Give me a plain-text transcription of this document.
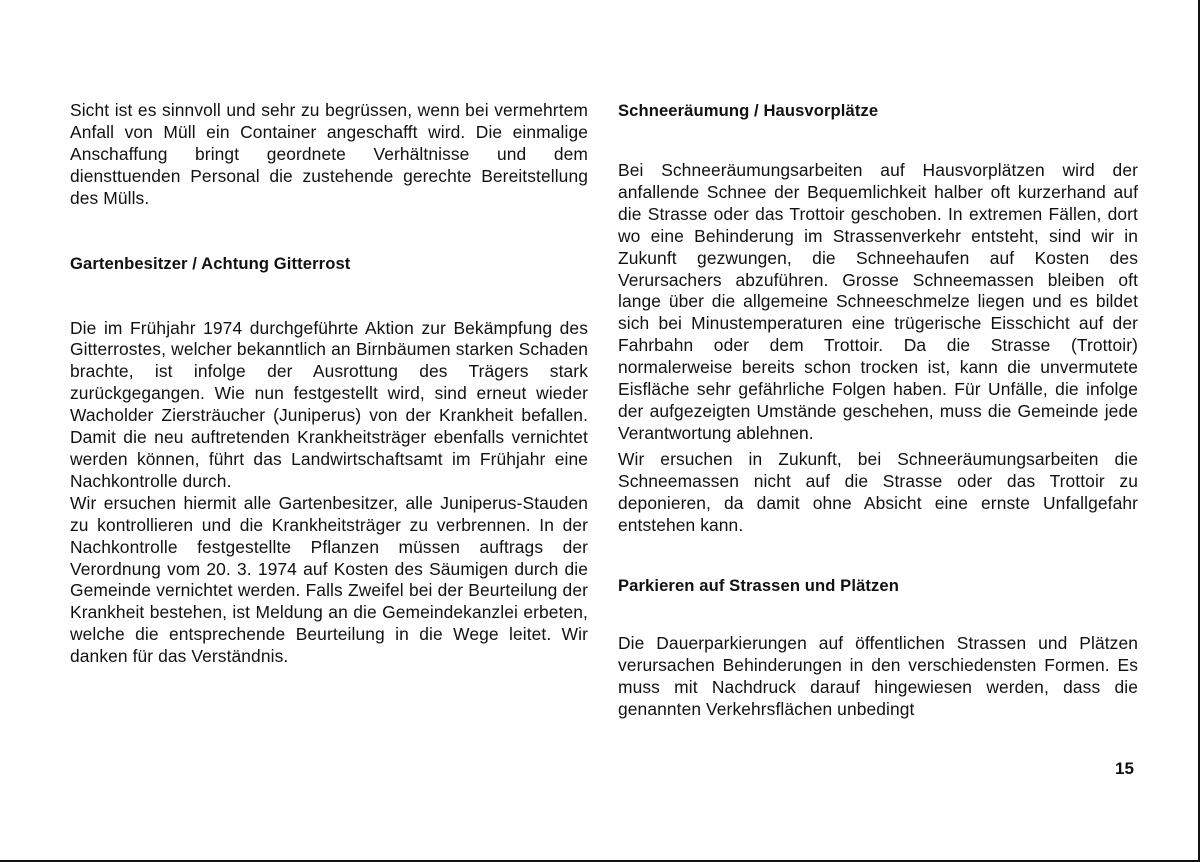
Sicht ist es sinnvoll und sehr zu begrüssen, wenn bei vermehrtem Anfall von Müll ein Container angeschafft wird. Die einmalige Anschaffung bringt geordnete Verhältnisse und dem diensttuenden Personal die zustehende gerechte Bereitstellung des Mülls.

Gartenbesitzer / Achtung Gitterrost

Die im Frühjahr 1974 durchgeführte Aktion zur Bekämpfung des Gitterrostes, welcher bekanntlich an Birnbäumen starken Schaden brachte, ist infolge der Ausrottung des Trägers stark zurückgegangen. Wie nun festgestellt wird, sind erneut wieder Wacholder Ziersträucher (Juniperus) von der Krankheit befallen. Damit die neu auftretenden Krankheitsträger ebenfalls vernichtet werden können, führt das Landwirtschaftsamt im Frühjahr eine Nachkontrolle durch.

Wir ersuchen hiermit alle Gartenbesitzer, alle Juniperus-Stauden zu kontrollieren und die Krankheitsträger zu verbrennen. In der Nachkontrolle festgestellte Pflanzen müssen auftrags der Verordnung vom 20. 3. 1974 auf Kosten des Säumigen durch die Gemeinde vernichtet werden. Falls Zweifel bei der Beurteilung der Krankheit bestehen, ist Meldung an die Gemeindekanzlei erbeten, welche die entsprechende Beurteilung in die Wege leitet. Wir danken für das Verständnis.

Schneeräumung / Hausvorplätze

Bei Schneeräumungsarbeiten auf Hausvorplätzen wird der anfallende Schnee der Bequemlichkeit halber oft kurzerhand auf die Strasse oder das Trottoir geschoben. In extremen Fällen, dort wo eine Behinderung im Strassenverkehr entsteht, sind wir in Zukunft gezwungen, die Schneehaufen auf Kosten des Verursachers abzuführen. Grosse Schneemassen bleiben oft lange über die allgemeine Schneeschmelze liegen und es bildet sich bei Minustemperaturen eine trügerische Eisschicht auf der Fahrbahn oder dem Trottoir. Da die Strasse (Trottoir) normalerweise bereits schon trocken ist, kann die unvermutete Eisfläche sehr gefährliche Folgen haben. Für Unfälle, die infolge der aufgezeigten Umstände geschehen, muss die Gemeinde jede Verantwortung ablehnen.

Wir ersuchen in Zukunft, bei Schneeräumungsarbeiten die Schneemassen nicht auf die Strasse oder das Trottoir zu deponieren, da damit ohne Absicht eine ernste Unfallgefahr entstehen kann.

Parkieren auf Strassen und Plätzen

Die Dauerparkierungen auf öffentlichen Strassen und Plätzen verursachen Behinderungen in den verschiedensten Formen. Es muss mit Nachdruck darauf hingewiesen werden, dass die genannten Verkehrsflächen unbedingt

15
